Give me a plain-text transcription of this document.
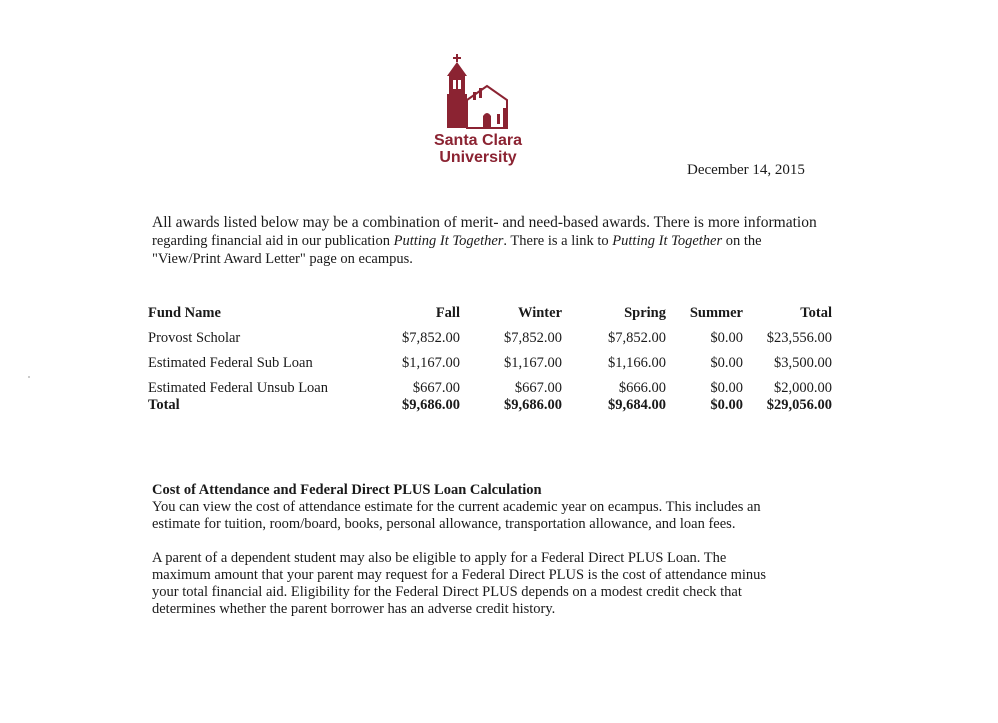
Santa Clara
University
December 14, 2015
All awards listed below may be a combination of merit- and need-based awards. There is more information
regarding financial aid in our publication Putting It Together. There is a link to Putting It Together on the
"View/Print Award Letter" page on ecampus.
Fund Name	Fall	Winter	Spring	Summer	Total
Provost Scholar	$7,852.00	$7,852.00	$7,852.00	$0.00	$23,556.00
Estimated Federal Sub Loan	$1,167.00	$1,167.00	$1,166.00	$0.00	$3,500.00
Estimated Federal Unsub Loan	$667.00	$667.00	$666.00	$0.00	$2,000.00
Total	$9,686.00	$9,686.00	$9,684.00	$0.00	$29,056.00
Cost of Attendance and Federal Direct PLUS Loan Calculation

You can view the cost of attendance estimate for the current academic year on ecampus. This includes an
estimate for tuition, room/board, books, personal allowance, transportation allowance, and loan fees.

A parent of a dependent student may also be eligible to apply for a Federal Direct PLUS Loan. The
maximum amount that your parent may request for a Federal Direct PLUS is the cost of attendance minus
your total financial aid. Eligibility for the Federal Direct PLUS depends on a modest credit check that
determines whether the parent borrower has an adverse credit history.
